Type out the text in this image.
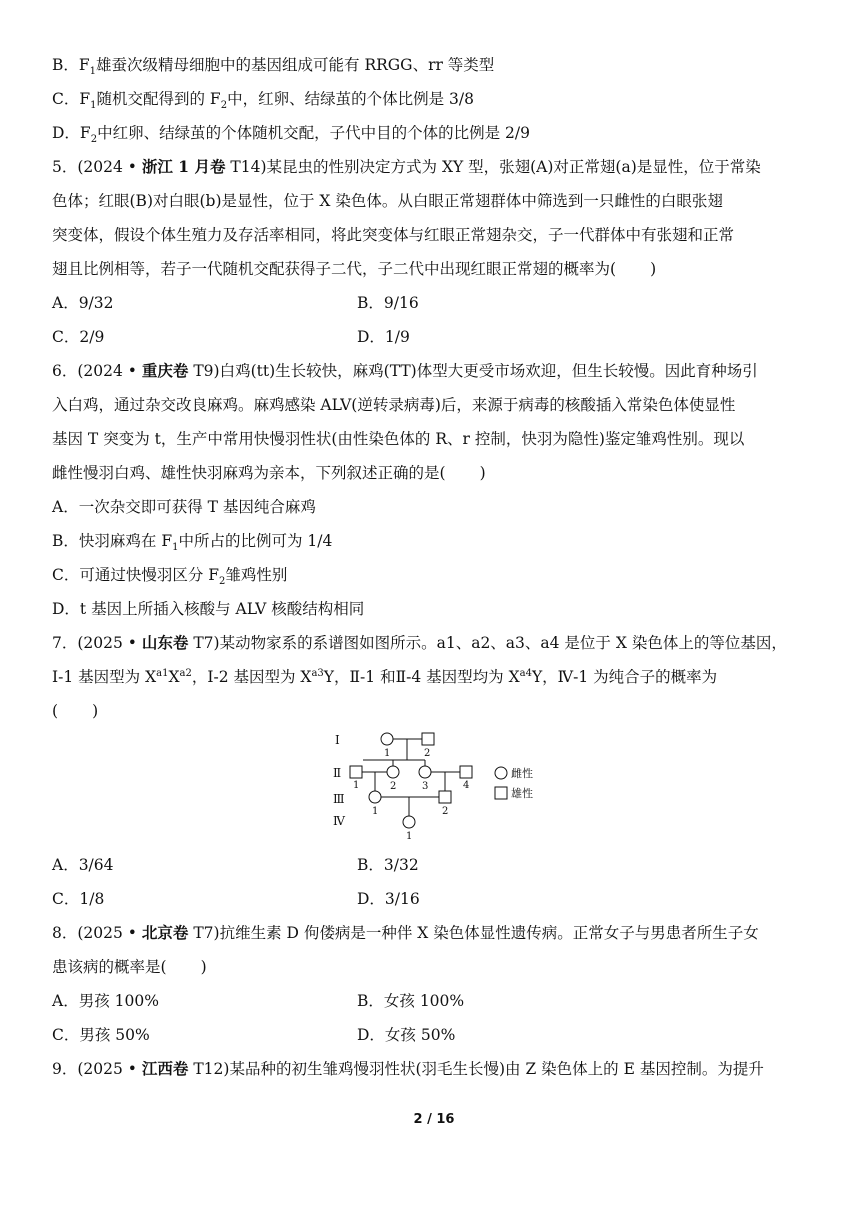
B．$F_1$雄蚕次级精母细胞中的基因组成可能有 RRGG、rr 等类型
C．$F_1$随机交配得到的 $F_2$中，红卵、结绿茧的个体比例是 3/8
D．$F_2$中红卵、结绿茧的个体随机交配，子代中目的个体的比例是 2/9
5．(2024 • 浙江 1 月卷 T14)某昆虫的性别决定方式为 XY 型，张翅(A)对正常翅(a)是显性，位于常染
色体；红眼(B)对白眼(b)是显性，位于 X 染色体。从白眼正常翅群体中筛选到一只雌性的白眼张翅
突变体，假设个体生殖力及存活率相同，将此突变体与红眼正常翅杂交，子一代群体中有张翅和正常
翅且比例相等，若子一代随机交配获得子二代，子二代中出现红眼正常翅的概率为( )
A．9/32	B．9/16
C．2/9	D．1/9
6．(2024 • 重庆卷 T9)白鸡(tt)生长较快，麻鸡(TT)体型大更受市场欢迎，但生长较慢。因此育种场引
入白鸡，通过杂交改良麻鸡。麻鸡感染 ALV(逆转录病毒)后，来源于病毒的核酸插入常染色体使显性
基因 T 突变为 t，生产中常用快慢羽性状(由性染色体的 R、r 控制，快羽为隐性)鉴定雏鸡性别。现以
雌性慢羽白鸡、雄性快羽麻鸡为亲本，下列叙述正确的是( )
A．一次杂交即可获得 T 基因纯合麻鸡
B．快羽麻鸡在 $F_1$中所占的比例可为 1/4
C．可通过快慢羽区分 $F_2$雏鸡性别
D．t 基因上所插入核酸与 ALV 核酸结构相同
7．(2025 • 山东卷 T7)某动物家系的系谱图如图所示。a1、a2、a3、a4 是位于 X 染色体上的等位基因，
Ⅰ-1 基因型为 $X^{a1}X^{a2}$，Ⅰ-2 基因型为 $X^{a3}Y$，Ⅱ-1 和Ⅱ-4 基因型均为 $X^{a4}Y$，Ⅳ-1 为纯合子的概率为
( )
Ⅰ
Ⅱ
Ⅲ
Ⅳ
1	2
1	2	3	4
1	2
1
雌性
雄性
A．3/64	B．3/32
C．1/8	D．3/16
8．(2025 • 北京卷 T7)抗维生素 D 佝偻病是一种伴 X 染色体显性遗传病。正常女子与男患者所生子女
患该病的概率是( )
A．男孩 100%	B．女孩 100%
C．男孩 50%	D．女孩 50%
9．(2025 • 江西卷 T12)某品种的初生雏鸡慢羽性状(羽毛生长慢)由 Z 染色体上的 E 基因控制。为提升
2 / 16
